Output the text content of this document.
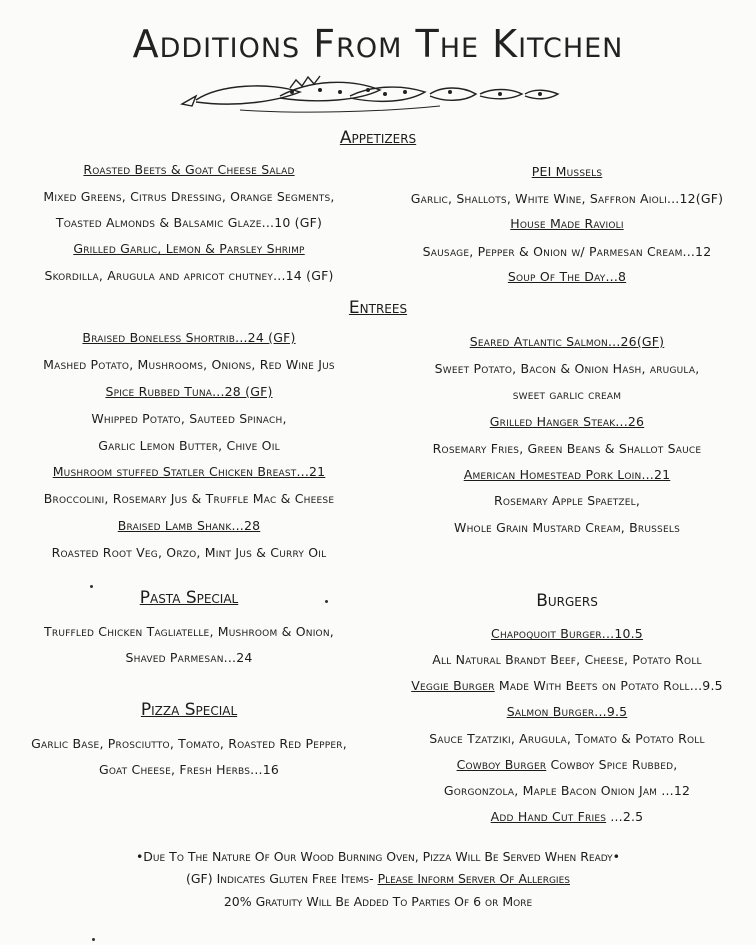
Additions From The Kitchen
Appetizers
Roasted Beets & Goat Cheese Salad
Mixed Greens, Citrus Dressing, Orange Segments,
Toasted Almonds & Balsamic Glaze...10 (GF)
Grilled Garlic, Lemon & Parsley Shrimp
Skordilla, Arugula and apricot chutney...14 (GF)
PEI Mussels
Garlic, Shallots, White Wine, Saffron Aioli...12(GF)
House Made Ravioli
Sausage, Pepper & Onion w/ Parmesan Cream...12
Soup Of The Day...8
Entrees
Braised Boneless Shortrib...24 (GF)
Mashed Potato, Mushrooms, Onions, Red Wine Jus
Spice Rubbed Tuna...28 (GF)
Whipped Potato, Sauteed Spinach,
Garlic Lemon Butter, Chive Oil
Mushroom stuffed Statler Chicken Breast...21
Broccolini, Rosemary Jus & Truffle Mac & Cheese
Braised Lamb Shank...28
Roasted Root Veg, Orzo, Mint Jus & Curry Oil
Seared Atlantic Salmon...26(GF)
Sweet Potato, Bacon & Onion Hash, arugula,
sweet garlic cream
Grilled Hanger Steak...26
Rosemary Fries, Green Beans & Shallot Sauce
American Homestead Pork Loin...21
Rosemary Apple Spaetzel,
Whole Grain Mustard Cream, Brussels
Pasta Special
Truffled Chicken Tagliatelle, Mushroom & Onion,
Shaved Parmesan...24
Pizza Special
Garlic Base, Prosciutto, Tomato, Roasted Red Pepper,
Goat Cheese, Fresh Herbs...16
Burgers
Chapoquoit Burger...10.5
All Natural Brandt Beef, Cheese, Potato Roll
Veggie Burger Made With Beets on Potato Roll...9.5
Salmon Burger...9.5
Sauce Tzatziki, Arugula, Tomato & Potato Roll
Cowboy Burger Cowboy Spice Rubbed,
Gorgonzola, Maple Bacon Onion Jam ...12
Add Hand Cut Fries ...2.5
•Due To The Nature Of Our Wood Burning Oven, Pizza Will Be Served When Ready•
(GF) Indicates Gluten Free Items- Please Inform Server Of Allergies
20% Gratuity Will Be Added To Parties Of 6 or More
